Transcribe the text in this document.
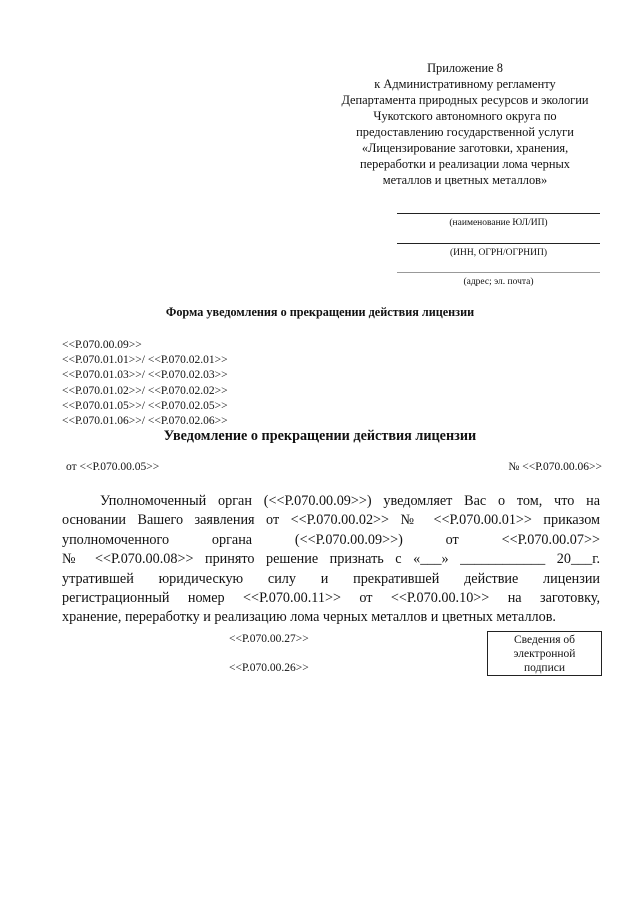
Приложение 8
к Административному регламенту
Департамента природных ресурсов и экологии
Чукотского автономного округа по
предоставлению государственной услуги
«Лицензирование заготовки, хранения,
переработки и реализации лома черных
металлов и цветных металлов»
(наименование ЮЛ/ИП)
(ИНН, ОГРН/ОГРНИП)
(адрес; эл. почта)
Форма уведомления о прекращении действия лицензии
<<Р.070.00.09>>
<<Р.070.01.01>>/ <<Р.070.02.01>>
<<Р.070.01.03>>/ <<Р.070.02.03>>
<<Р.070.01.02>>/ <<Р.070.02.02>>
<<Р.070.01.05>>/ <<Р.070.02.05>>
<<Р.070.01.06>>/ <<Р.070.02.06>>
Уведомление о прекращении действия лицензии
от <<Р.070.00.05>>	№ <<Р.070.00.06>>
Уполномоченный орган (<<Р.070.00.09>>) уведомляет Вас о том, что на
основании Вашего заявления от <<Р.070.00.02>> № <<Р.070.00.01>> приказом
уполномоченного органа (<<Р.070.00.09>>) от <<Р.070.00.07>>
№ <<Р.070.00.08>> принято решение признать с «___» ____________ 20___г.
утратившей юридическую силу и прекратившей действие лицензии
регистрационный номер <<Р.070.00.11>> от <<Р.070.00.10>> на заготовку,
хранение, переработку и реализацию лома черных металлов и цветных металлов.
<<Р.070.00.27>>
<<Р.070.00.26>>
Сведения об
электронной
подписи
